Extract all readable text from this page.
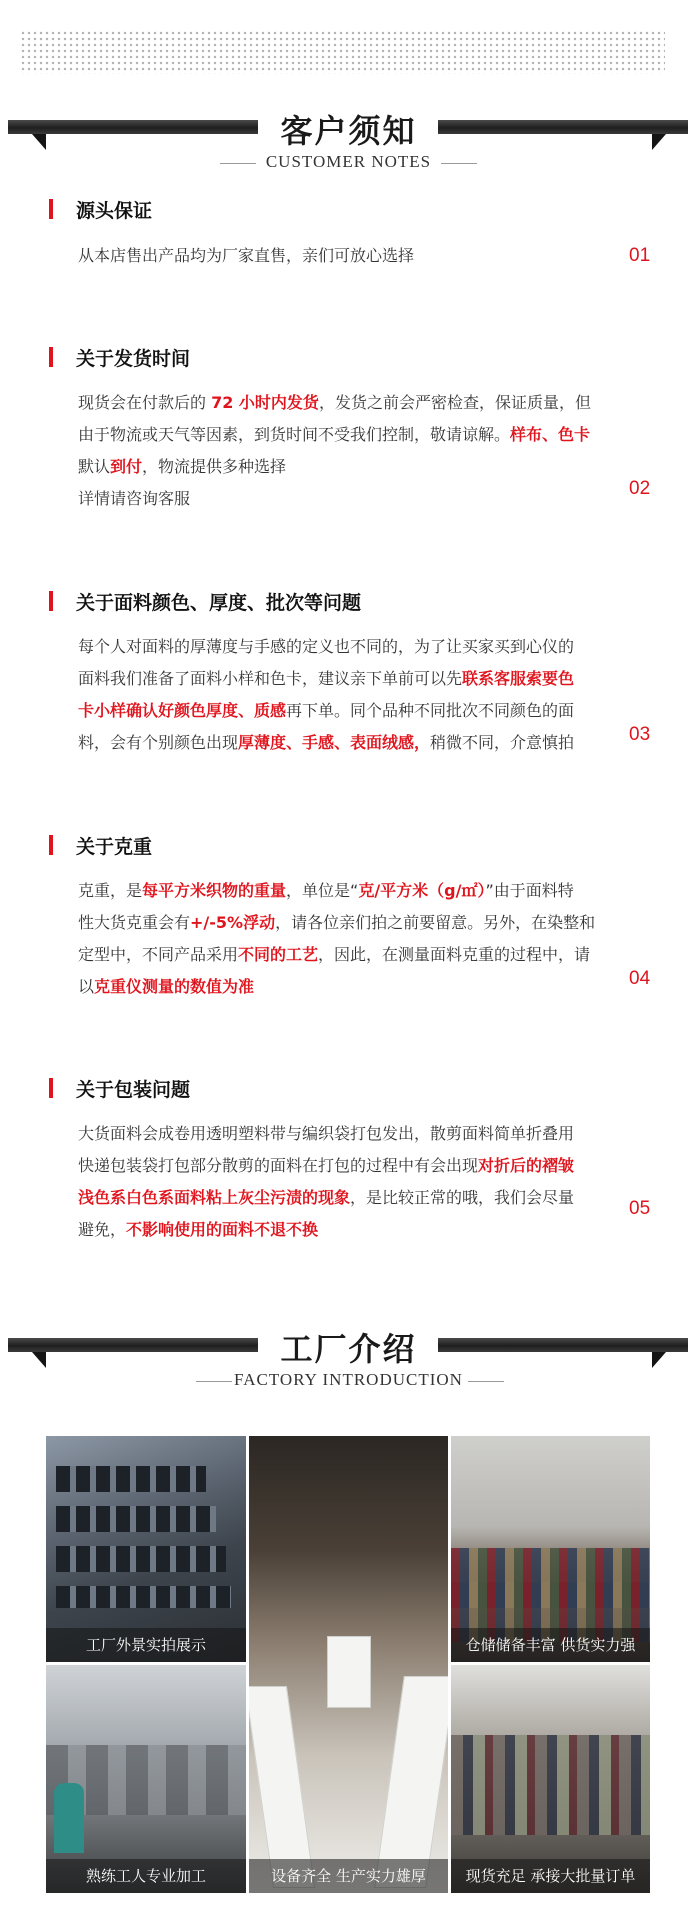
客户须知
CUSTOMER NOTES
源头保证

从本店售出产品均为厂家直售，亲们可放心选择	01
关于发货时间

现货会在付款后的 72 小时内发货，发货之前会严密检查，保证质量，但

由于物流或天气等因素，到货时间不受我们控制，敬请谅解。样布、色卡

默认到付，物流提供多种选择

详情请咨询客服	02
关于面料颜色、厚度、批次等问题

每个人对面料的厚薄度与手感的定义也不同的，为了让买家买到心仪的

面料我们准备了面料小样和色卡，建议亲下单前可以先联系客服索要色

卡小样确认好颜色厚度、质感再下单。同个品种不同批次不同颜色的面

料，会有个别颜色出现厚薄度、手感、表面绒感，稍微不同，介意慎拍	03
关于克重

克重，是每平方米织物的重量，单位是“克/平方米（g/㎡）”由于面料特

性大货克重会有+/-5%浮动，请各位亲们拍之前要留意。另外，在染整和

定型中，不同产品采用不同的工艺，因此，在测量面料克重的过程中，请

以克重仪测量的数值为准	04
关于包装问题

大货面料会成卷用透明塑料带与编织袋打包发出，散剪面料简单折叠用

快递包装袋打包部分散剪的面料在打包的过程中有会出现对折后的褶皱

浅色系白色系面料粘上灰尘污渍的现象，是比较正常的哦，我们会尽量

避免，不影响使用的面料不退不换

05
工厂介绍
FACTORY INTRODUCTION
工厂外景实拍展示
设备齐全 生产实力雄厚
仓储储备丰富 供货实力强
熟练工人专业加工	现货充足 承接大批量订单
